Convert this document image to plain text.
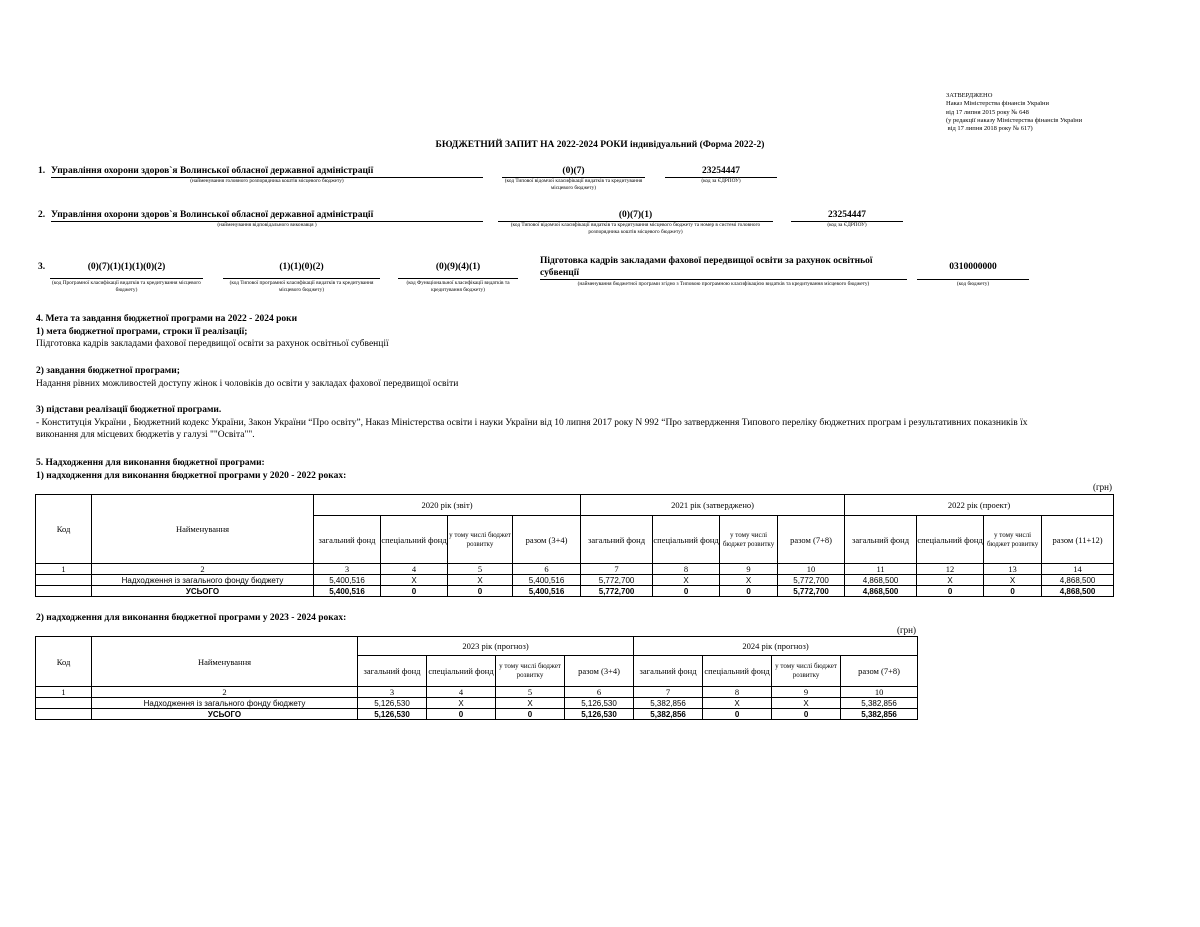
ЗАТВЕРДЖЕНО
Наказ Міністерства фінансів України
від 17 липня 2015 року № 648
(у редакції наказу Міністерства фінансів України
від 17 липня 2018 року № 617)
БЮДЖЕТНИЙ ЗАПИТ НА 2022-2024 РОКИ індивідуальний (Форма 2022-2)
1. Управління охорони здоров`я Волинської обласної державної адміністрації
(найменування головного розпорядника коштів місцевого бюджету)
(0)(7)
(код Типової відомчої класифікації видатків та кредитування місцевого бюджету)
23254447
(код за ЄДРПОУ)
2. Управління охорони здоров`я Волинської обласної державної адміністрації
(найменування відповідального виконавця )
(0)(7)(1)
(код Типової відомчої класифікації видатків та кредитування місцевого бюджету та номер в системі головного розпорядника коштів місцевого бюджету)
23254447
(код за ЄДРПОУ)
3.	(0)(7)(1)(1)(1)(0)(2)
(код Програмної класифікації видатків та кредитування місцевого бюджету)
(1)(1)(0)(2)
(код Типової програмної класифікації видатків та кредитування місцевого бюджету)
(0)(9)(4)(1)
(код Функціональної класифікації видатків та кредитування бюджету)
Підготовка кадрів закладами фахової передвищої освіти за рахунок освітньої субвенції
(найменування бюджетної програми згідно з Типовою програмною класифікацією видатків та кредитування місцевого бюджету)
0310000000
(код бюджету)
4. Мета та завдання бюджетної програми на 2022 - 2024 роки
1) мета бюджетної програми, строки її реалізації;
Підготовка кадрів закладами фахової передвищої освіти за рахунок освітньої субвенції
2) завдання бюджетної програми;
Надання рівних можливостей доступу жінок і чоловіків до освіти у закладах фахової передвищої освіти
3) підстави реалізації бюджетної програми.
- Конституція України , Бюджетний кодекс України, Закон України “Про освіту”, Наказ Міністерства освіти і науки України від 10 липня 2017 року N 992 “Про затвердження Типового переліку бюджетних програм і результативних показників їх
виконання для місцевих бюджетів у галузі ""Освіта"".
5. Надходження для виконання бюджетної програми:
1) надходження для виконання бюджетної програми у 2020 - 2022 роках:
(грн)
Код	Найменування	2020 рік (звіт)				2021 рік (затверджено)				2022 рік (проект)			
		загальний фонд	спеціальний фонд	у тому числі бюджет розвитку	разом (3+4)	загальний фонд	спеціальний фонд	у тому числі бюджет розвитку	разом (7+8)	загальний фонд	спеціальний фонд	у тому числі бюджет розвитку	разом (11+12)
1	2	3	4	5	6	7	8	9	10	11	12	13	14
	Надходження із загального фонду бюджету	5,400,516	X	X	5,400,516	5,772,700	X	X	5,772,700	4,868,500	X	X	4,868,500
	УСЬОГО	5,400,516	0	0	5,400,516	5,772,700	0	0	5,772,700	4,868,500	0	0	4,868,500
2) надходження для виконання бюджетної програми у 2023 - 2024 роках:
(грн)
Код	Найменування	2023 рік (прогноз)				2024 рік (прогноз)			
		загальний фонд	спеціальний фонд	у тому числі бюджет розвитку	разом (3+4)	загальний фонд	спеціальний фонд	у тому числі бюджет розвитку	разом (7+8)
1	2	3	4	5	6	7	8	9	10
	Надходження із загального фонду бюджету	5,126,530	X	X	5,126,530	5,382,856	X	X	5,382,856
	УСЬОГО	5,126,530	0	0	5,126,530	5,382,856	0	0	5,382,856
